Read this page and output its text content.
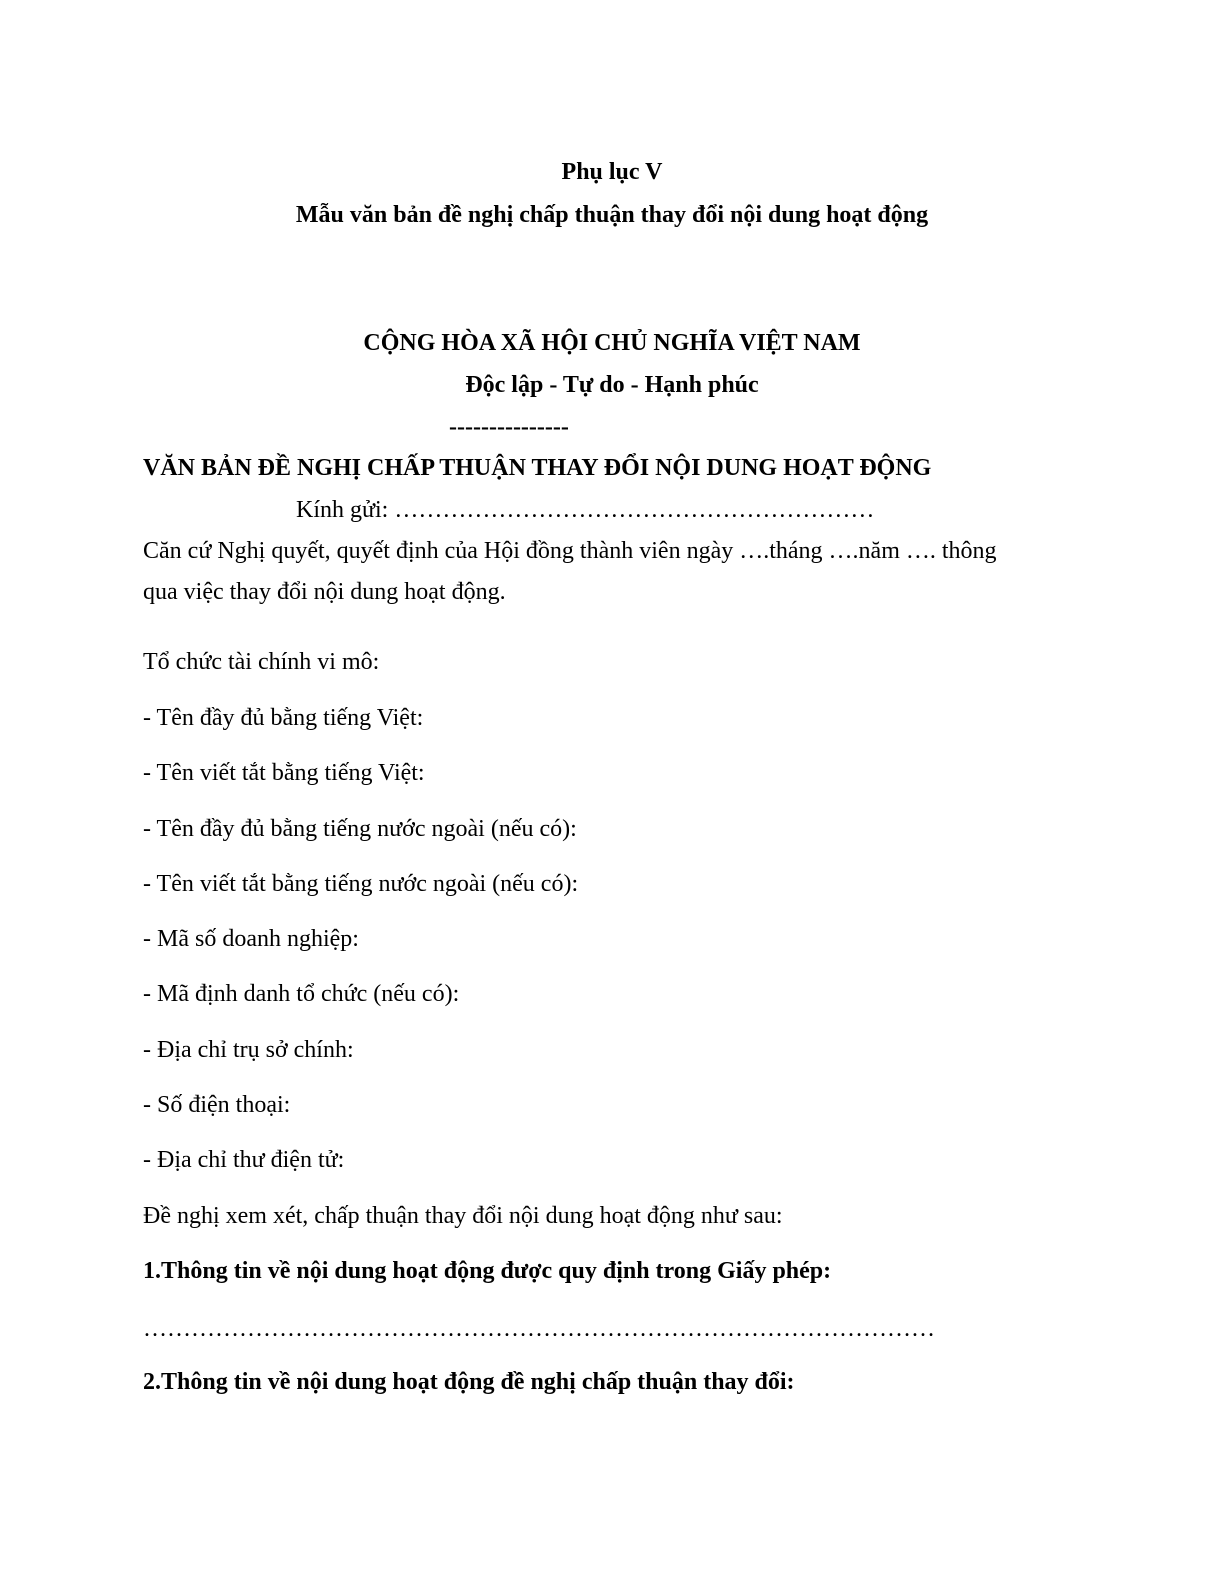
Phụ lục V
Mẫu văn bản đề nghị chấp thuận thay đổi nội dung hoạt động
CỘNG HÒA XÃ HỘI CHỦ NGHĨA VIỆT NAM
Độc lập - Tự do - Hạnh phúc
---------------
VĂN BẢN ĐỀ NGHỊ CHẤP THUẬN THAY ĐỔI NỘI DUNG HOẠT ĐỘNG
Kính gửi: ……………………………………………………
Căn cứ Nghị quyết, quyết định của Hội đồng thành viên ngày ….tháng ….năm …. thông
qua việc thay đổi nội dung hoạt động.
Tổ chức tài chính vi mô:
- Tên đầy đủ bằng tiếng Việt:
- Tên viết tắt bằng tiếng Việt:
- Tên đầy đủ bằng tiếng nước ngoài (nếu có):
- Tên viết tắt bằng tiếng nước ngoài (nếu có):
- Mã số doanh nghiệp:
- Mã định danh tổ chức (nếu có):
- Địa chỉ trụ sở chính:
- Số điện thoại:
- Địa chỉ thư điện tử:
Đề nghị xem xét, chấp thuận thay đổi nội dung hoạt động như sau:
1.Thông tin về nội dung hoạt động được quy định trong Giấy phép:
………………………………………………………………………………………
2.Thông tin về nội dung hoạt động đề nghị chấp thuận thay đổi:
